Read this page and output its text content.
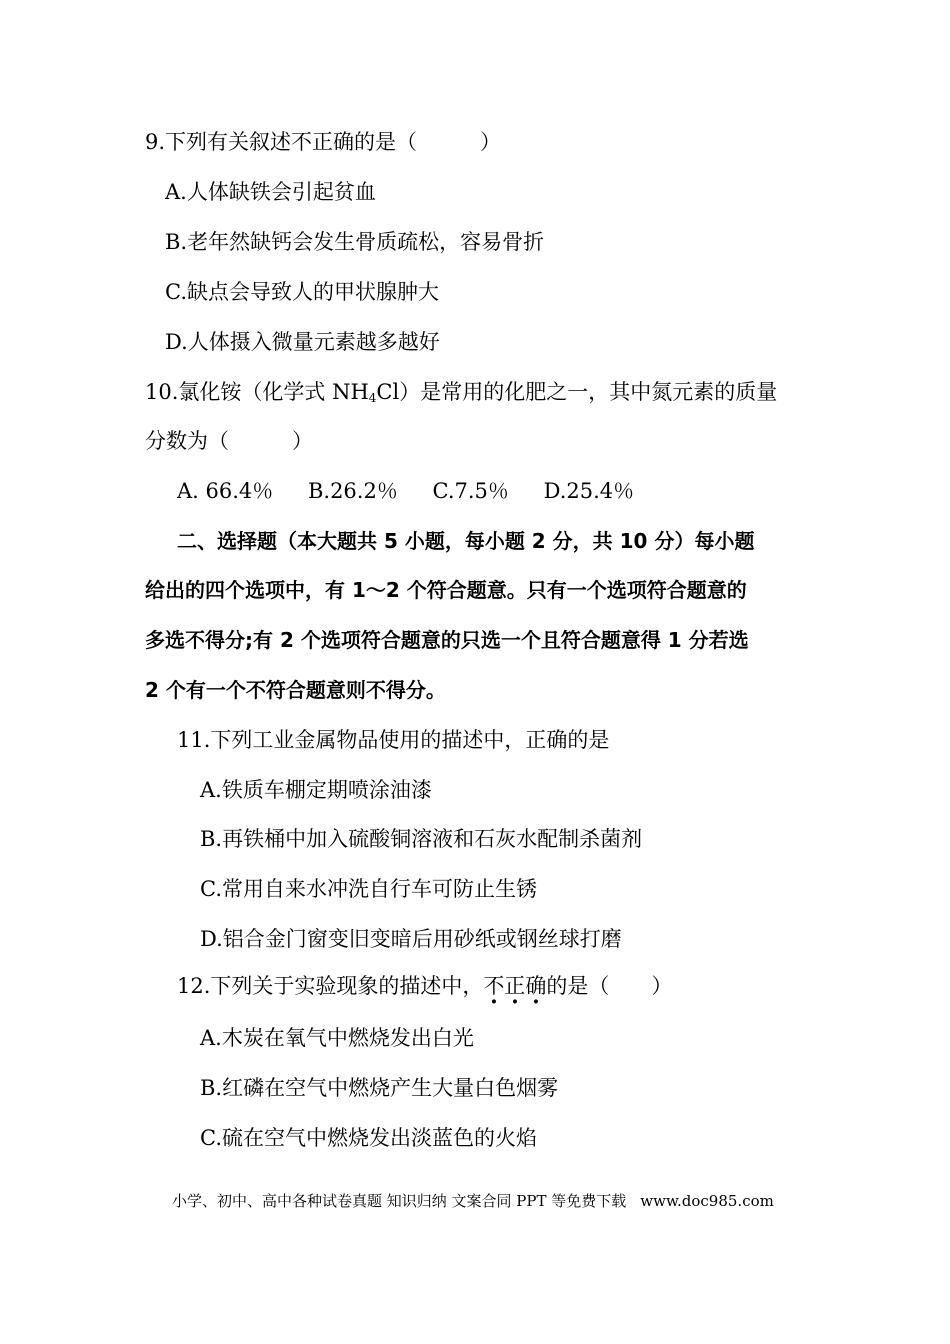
9.下列有关叙述不正确的是（　　　）
A.人体缺铁会引起贫血
B.老年然缺钙会发生骨质疏松，容易骨折
C.缺点会导致人的甲状腺肿大
D.人体摄入微量元素越多越好
10.氯化铵（化学式 $NH_4Cl$）是常用的化肥之一，其中氮元素的质量
分数为（　　　）
A. 66.4％ B.26.2％ C.7.5％ D.25.4％
二、选择题（本大题共 5 小题，每小题 2 分，共 10 分）每小题
给出的四个选项中，有 1～2 个符合题意。只有一个选项符合题意的
多选不得分;有 2 个选项符合题意的只选一个且符合题意得 1 分若选
2 个有一个不符合题意则不得分。
11.下列工业金属物品使用的描述中，正确的是
A.铁质车棚定期喷涂油漆
B.再铁桶中加入硫酸铜溶液和石灰水配制杀菌剂
C.常用自来水冲洗自行车可防止生锈
D.铝合金门窗变旧变暗后用砂纸或钢丝球打磨
12.下列关于实验现象的描述中，不正确的是（　　）
A.木炭在氧气中燃烧发出白光
B.红磷在空气中燃烧产生大量白色烟雾
C.硫在空气中燃烧发出淡蓝色的火焰
小学、初中、高中各种试卷真题 知识归纳 文案合同 PPT 等免费下载 www.doc985.com
